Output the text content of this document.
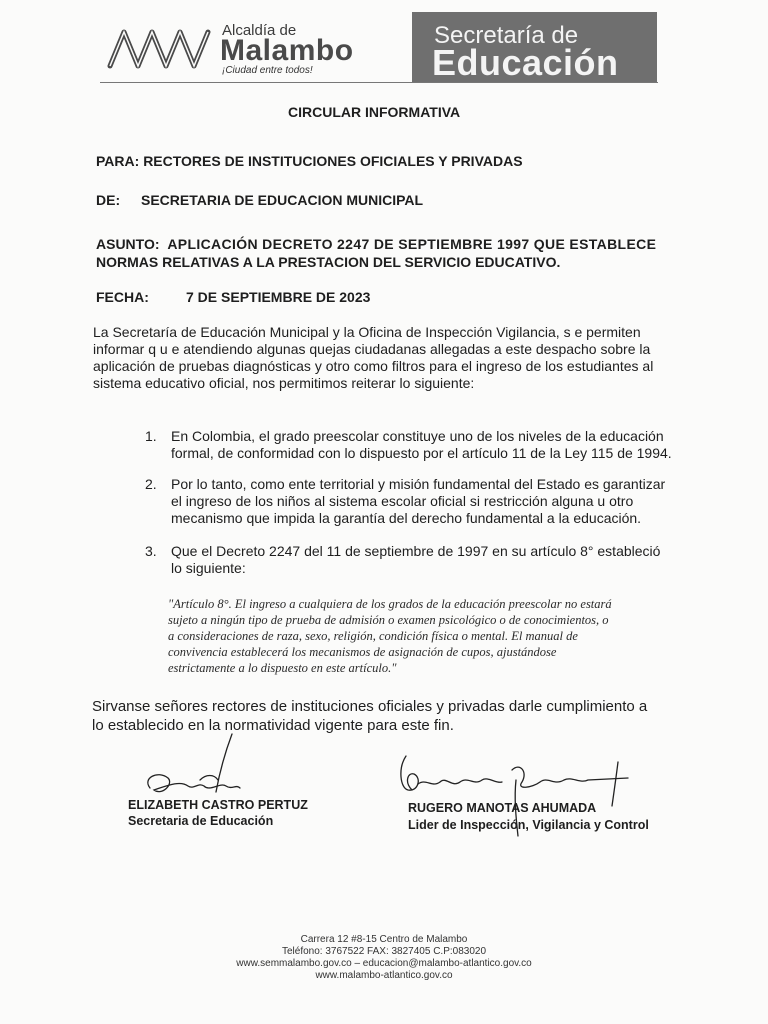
Alcaldía de
Malambo
¡Ciudad entre todos!
Secretaría de
Educación
CIRCULAR INFORMATIVA
PARA: RECTORES DE INSTITUCIONES OFICIALES Y PRIVADAS
DE: SECRETARIA DE EDUCACION MUNICIPAL
ASUNTO: APLICACIÓN DECRETO 2247 DE SEPTIEMBRE 1997 QUE ESTABLECE
NORMAS RELATIVAS A LA PRESTACION DEL SERVICIO EDUCATIVO.
FECHA:	7 DE SEPTIEMBRE DE 2023
La Secretaría de Educación Municipal y la Oficina de Inspección Vigilancia, s e permiten
informar q u e atendiendo algunas quejas ciudadanas allegadas a este despacho sobre la
aplicación de pruebas diagnósticas y otro como filtros para el ingreso de los estudiantes al
sistema educativo oficial, nos permitimos reiterar lo siguiente:
1. En Colombia, el grado preescolar constituye uno de los niveles de la educación
formal, de conformidad con lo dispuesto por el artículo 11 de la Ley 115 de 1994.
2. Por lo tanto, como ente territorial y misión fundamental del Estado es garantizar
el ingreso de los niños al sistema escolar oficial si restricción alguna u otro
mecanismo que impida la garantía del derecho fundamental a la educación.
3. Que el Decreto 2247 del 11 de septiembre de 1997 en su artículo 8° estableció
lo siguiente:
"Artículo 8°. El ingreso a cualquiera de los grados de la educación preescolar no estará
sujeto a ningún tipo de prueba de admisión o examen psicológico o de conocimientos, o
a consideraciones de raza, sexo, religión, condición física o mental. El manual de
convivencia establecerá los mecanismos de asignación de cupos, ajustándose
estrictamente a lo dispuesto en este artículo."
Sirvanse señores rectores de instituciones oficiales y privadas darle cumplimiento a
lo establecido en la normatividad vigente para este fin.
ELIZABETH CASTRO PERTUZ
Secretaria de Educación
RUGERO MANOTAS AHUMADA
Lider de Inspección, Vigilancia y Control
Carrera 12 #8-15 Centro de Malambo
Teléfono: 3767522 FAX: 3827405 C.P:083020
www.semmalambo.gov.co – educacion@malambo-atlantico.gov.co
www.malambo-atlantico.gov.co
